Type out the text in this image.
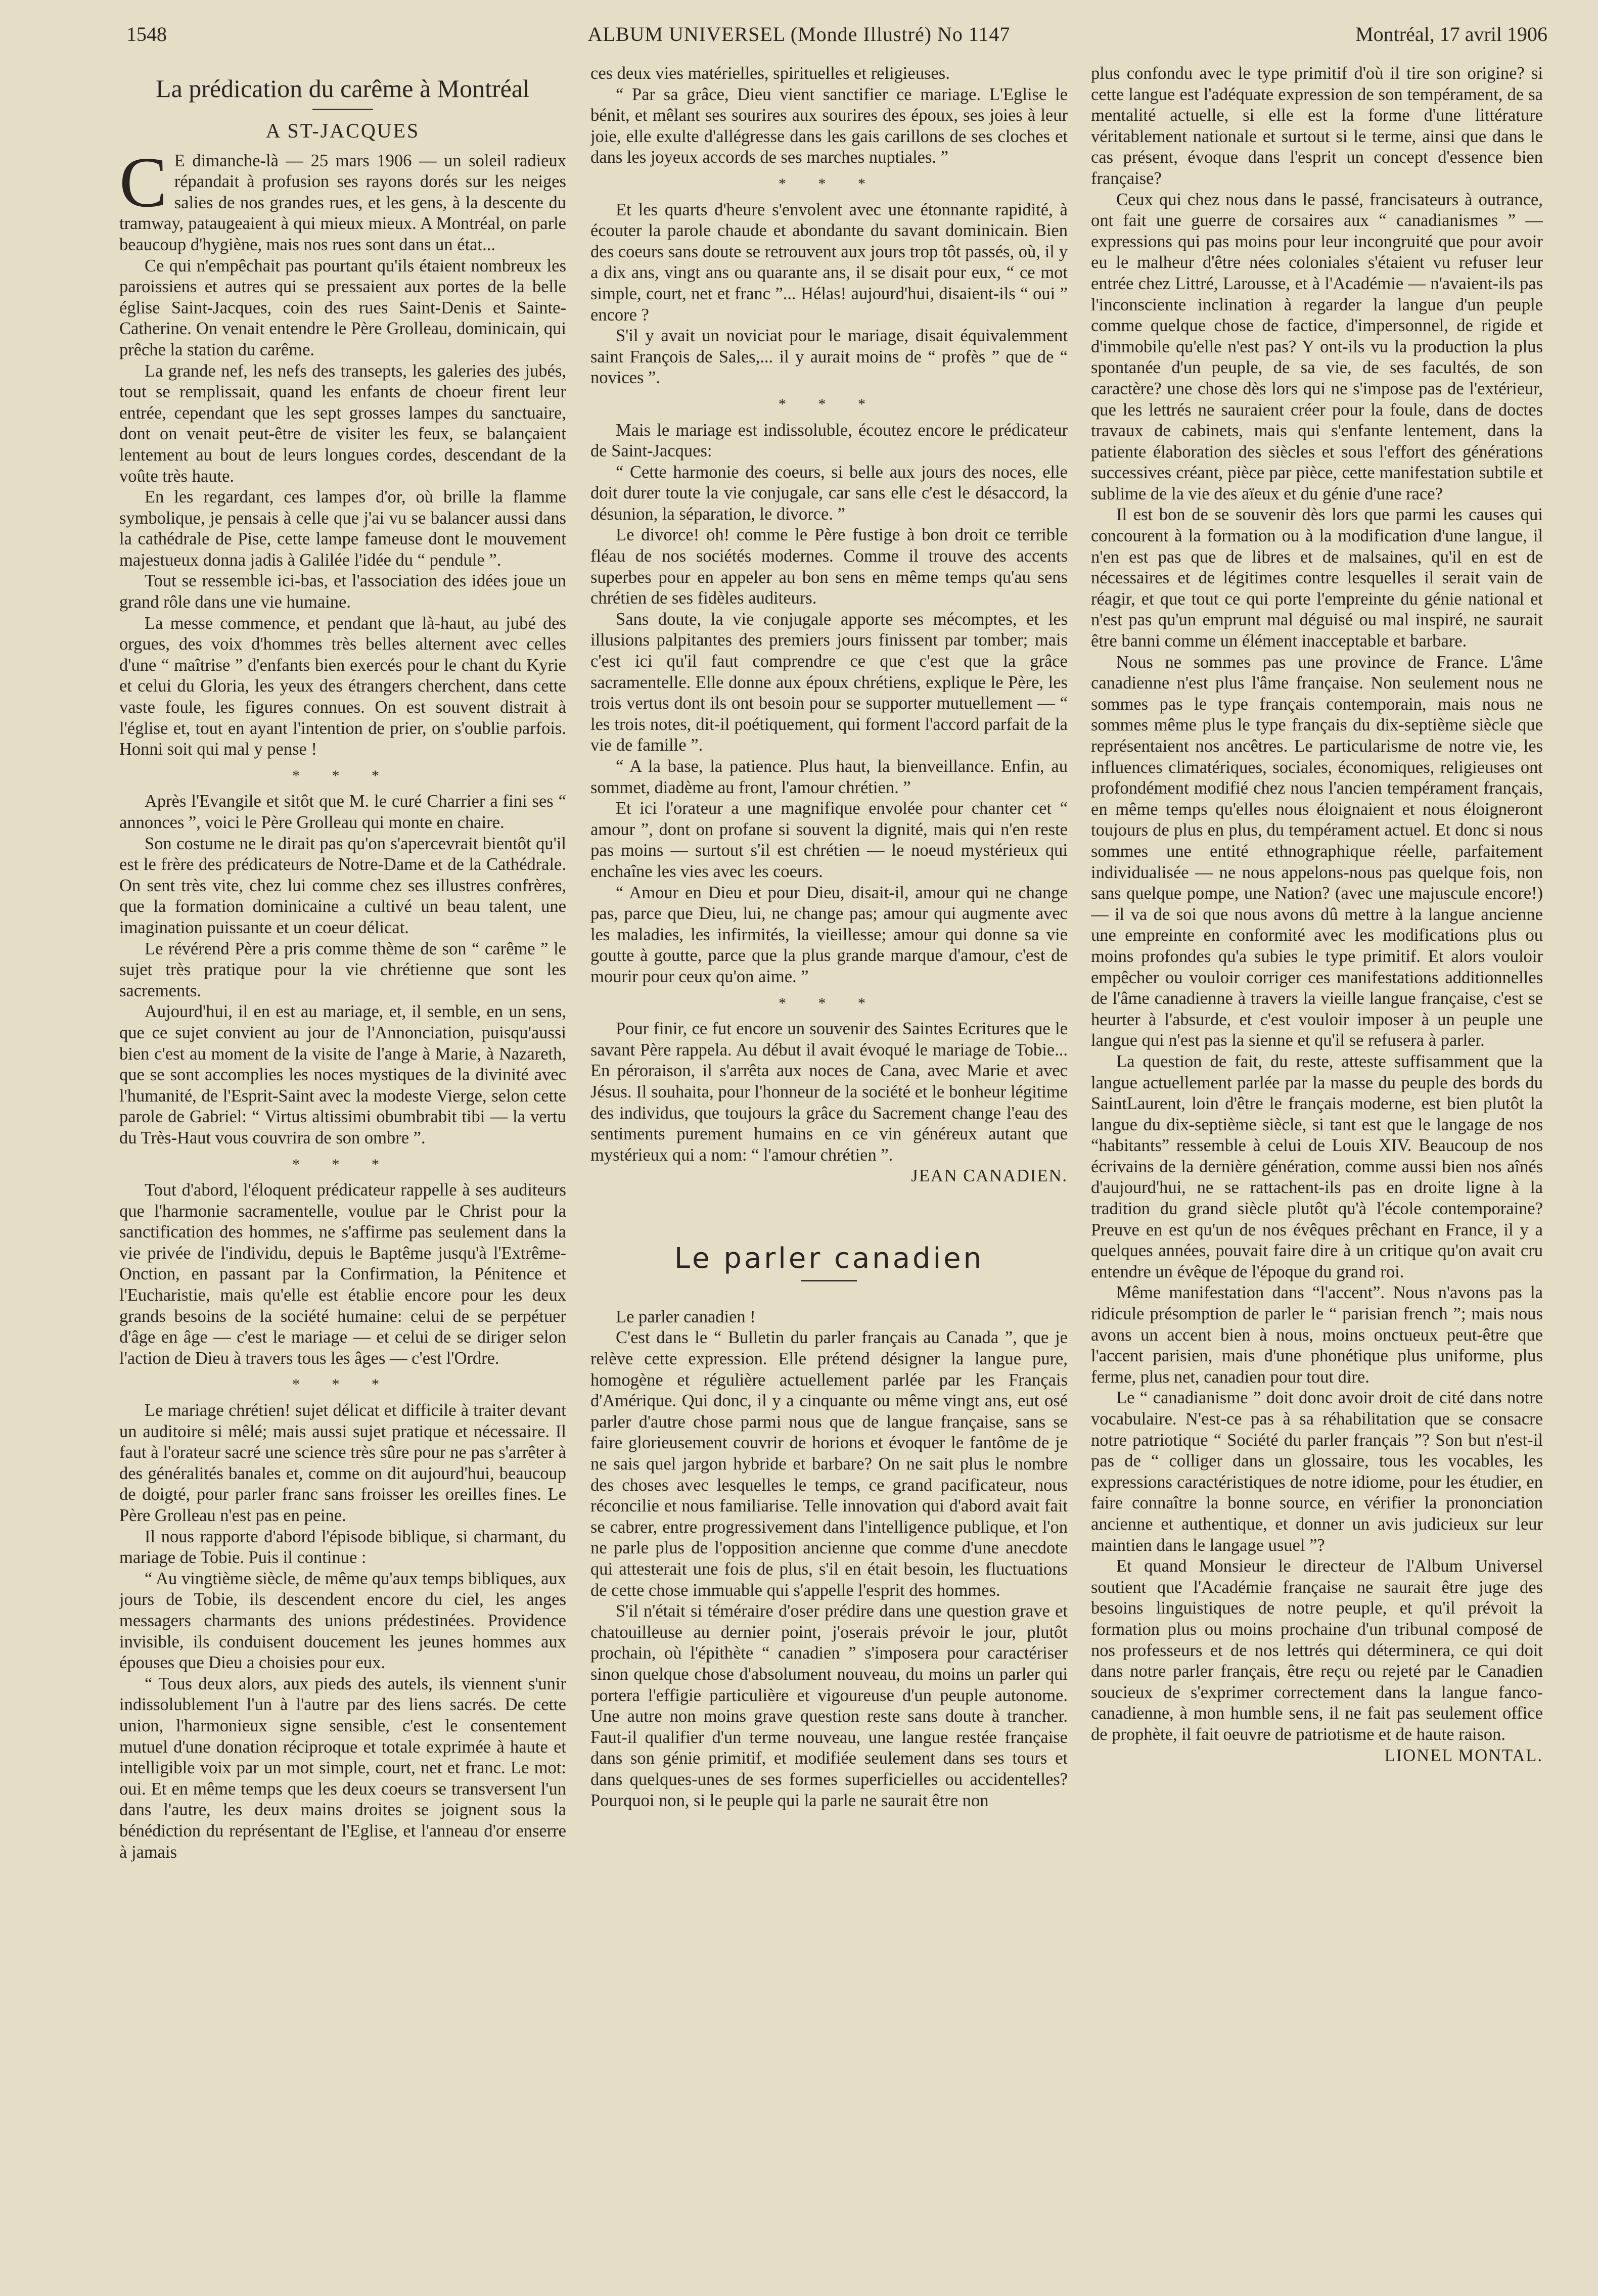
1548	ALBUM UNIVERSEL (Monde Illustré) No 1147	Montréal, 17 avril 1906
La prédication du carême à Montréal
A ST-JACQUES

C E dimanche-là — 25 mars 1906 — un soleil radieux répandait à profusion ses rayons dorés sur les neiges salies de nos grandes rues, et les gens, à la descente du tramway, pataugeaient à qui mieux mieux. A Montréal, on parle beaucoup d'hygiène, mais nos rues sont dans un état...

Ce qui n'empêchait pas pourtant qu'ils étaient nombreux les paroissiens et autres qui se pressaient aux portes de la belle église Saint-Jacques, coin des rues Saint-Denis et Sainte-Catherine. On venait entendre le Père Grolleau, dominicain, qui prêche la station du carême.

La grande nef, les nefs des transepts, les galeries des jubés, tout se remplissait, quand les enfants de choeur firent leur entrée, cependant que les sept grosses lampes du sanctuaire, dont on venait peut-être de visiter les feux, se balançaient lentement au bout de leurs longues cordes, descendant de la voûte très haute.

En les regardant, ces lampes d'or, où brille la flamme symbolique, je pensais à celle que j'ai vu se balancer aussi dans la cathédrale de Pise, cette lampe fameuse dont le mouvement majestueux donna jadis à Galilée l'idée du “ pendule ”.

Tout se ressemble ici-bas, et l'association des idées joue un grand rôle dans une vie humaine.

La messe commence, et pendant que là-haut, au jubé des orgues, des voix d'hommes très belles alternent avec celles d'une “ maîtrise ” d'enfants bien exercés pour le chant du Kyrie et celui du Gloria, les yeux des étrangers cherchent, dans cette vaste foule, les figures connues. On est souvent distrait à l'église et, tout en ayant l'intention de prier, on s'oublie parfois. Honni soit qui mal y pense !

* * *

Après l'Evangile et sitôt que M. le curé Charrier a fini ses “ annonces ”, voici le Père Grolleau qui monte en chaire.

Son costume ne le dirait pas qu'on s'apercevrait bientôt qu'il est le frère des prédicateurs de Notre-Dame et de la Cathédrale. On sent très vite, chez lui comme chez ses illustres confrères, que la formation dominicaine a cultivé un beau talent, une imagination puissante et un coeur délicat.

Le révérend Père a pris comme thème de son “ carême ” le sujet très pratique pour la vie chrétienne que sont les sacrements.

Aujourd'hui, il en est au mariage, et, il semble, en un sens, que ce sujet convient au jour de l'Annonciation, puisqu'aussi bien c'est au moment de la visite de l'ange à Marie, à Nazareth, que se sont accomplies les noces mystiques de la divinité avec l'humanité, de l'Esprit-Saint avec la modeste Vierge, selon cette parole de Gabriel: “ Virtus altissimi obumbrabit tibi — la vertu du Très-Haut vous couvrira de son ombre ”.

* * *

Tout d'abord, l'éloquent prédicateur rappelle à ses auditeurs que l'harmonie sacramentelle, voulue par le Christ pour la sanctification des hommes, ne s'affirme pas seulement dans la vie privée de l'individu, depuis le Baptême jusqu'à l'Extrême-Onction, en passant par la Confirmation, la Pénitence et l'Eucharistie, mais qu'elle est établie encore pour les deux grands besoins de la société humaine: celui de se perpétuer d'âge en âge — c'est le mariage — et celui de se diriger selon l'action de Dieu à travers tous les âges — c'est l'Ordre.

* * *

Le mariage chrétien! sujet délicat et difficile à traiter devant un auditoire si mêlé; mais aussi sujet pratique et nécessaire. Il faut à l'orateur sacré une science très sûre pour ne pas s'arrêter à des généralités banales et, comme on dit aujourd'hui, beaucoup de doigté, pour parler franc sans froisser les oreilles fines. Le Père Grolleau n'est pas en peine.

Il nous rapporte d'abord l'épisode biblique, si charmant, du mariage de Tobie. Puis il continue :

“ Au vingtième siècle, de même qu'aux temps bibliques, aux jours de Tobie, ils descendent encore du ciel, les anges messagers charmants des unions prédestinées. Providence invisible, ils conduisent doucement les jeunes hommes aux épouses que Dieu a choisies pour eux.

“ Tous deux alors, aux pieds des autels, ils viennent s'unir indissolublement l'un à l'autre par des liens sacrés. De cette union, l'harmonieux signe sensible, c'est le consentement mutuel d'une donation réciproque et totale exprimée à haute et intelligible voix par un mot simple, court, net et franc. Le mot: oui. Et en même temps que les deux coeurs se transversent l'un dans l'autre, les deux mains droites se joignent sous la bénédiction du représentant de l'Eglise, et l'anneau d'or enserre à jamais

ces deux vies matérielles, spirituelles et religieuses.

“ Par sa grâce, Dieu vient sanctifier ce mariage. L'Eglise le bénit, et mêlant ses sourires aux sourires des époux, ses joies à leur joie, elle exulte d'allégresse dans les gais carillons de ses cloches et dans les joyeux accords de ses marches nuptiales. ”

* * *

Et les quarts d'heure s'envolent avec une étonnante rapidité, à écouter la parole chaude et abondante du savant dominicain. Bien des coeurs sans doute se retrouvent aux jours trop tôt passés, où, il y a dix ans, vingt ans ou quarante ans, il se disait pour eux, “ ce mot simple, court, net et franc ”... Hélas! aujourd'hui, disaient-ils “ oui ” encore ?

S'il y avait un noviciat pour le mariage, disait équivalemment saint François de Sales,... il y aurait moins de “ profès ” que de “ novices ”.

* * *

Mais le mariage est indissoluble, écoutez encore le prédicateur de Saint-Jacques:

“ Cette harmonie des coeurs, si belle aux jours des noces, elle doit durer toute la vie conjugale, car sans elle c'est le désaccord, la désunion, la séparation, le divorce. ”

Le divorce! oh! comme le Père fustige à bon droit ce terrible fléau de nos sociétés modernes. Comme il trouve des accents superbes pour en appeler au bon sens en même temps qu'au sens chrétien de ses fidèles auditeurs.

Sans doute, la vie conjugale apporte ses mécomptes, et les illusions palpitantes des premiers jours finissent par tomber; mais c'est ici qu'il faut comprendre ce que c'est que la grâce sacramentelle. Elle donne aux époux chrétiens, explique le Père, les trois vertus dont ils ont besoin pour se supporter mutuellement — “ les trois notes, dit-il poétiquement, qui forment l'accord parfait de la vie de famille ”.

“ A la base, la patience. Plus haut, la bienveillance. Enfin, au sommet, diadème au front, l'amour chrétien. ”

Et ici l'orateur a une magnifique envolée pour chanter cet “ amour ”, dont on profane si souvent la dignité, mais qui n'en reste pas moins — surtout s'il est chrétien — le noeud mystérieux qui enchaîne les vies avec les coeurs.

“ Amour en Dieu et pour Dieu, disait-il, amour qui ne change pas, parce que Dieu, lui, ne change pas; amour qui augmente avec les maladies, les infirmités, la vieillesse; amour qui donne sa vie goutte à goutte, parce que la plus grande marque d'amour, c'est de mourir pour ceux qu'on aime. ”

* * *

Pour finir, ce fut encore un souvenir des Saintes Ecritures que le savant Père rappela. Au début il avait évoqué le mariage de Tobie... En péroraison, il s'arrêta aux noces de Cana, avec Marie et avec Jésus. Il souhaita, pour l'honneur de la société et le bonheur légitime des individus, que toujours la grâce du Sacrement change l'eau des sentiments purement humains en ce vin généreux autant que mystérieux qui a nom: “ l'amour chrétien ”.

JEAN CANADIEN.

Le parler canadien

Le parler canadien !

C'est dans le “ Bulletin du parler français au Canada ”, que je relève cette expression. Elle prétend désigner la langue pure, homogène et régulière actuellement parlée par les Français d'Amérique. Qui donc, il y a cinquante ou même vingt ans, eut osé parler d'autre chose parmi nous que de langue française, sans se faire glorieusement couvrir de horions et évoquer le fantôme de je ne sais quel jargon hybride et barbare? On ne sait plus le nombre des choses avec lesquelles le temps, ce grand pacificateur, nous réconcilie et nous familiarise. Telle innovation qui d'abord avait fait se cabrer, entre progressivement dans l'intelligence publique, et l'on ne parle plus de l'opposition ancienne que comme d'une anecdote qui attesterait une fois de plus, s'il en était besoin, les fluctuations de cette chose immuable qui s'appelle l'esprit des hommes.

S'il n'était si téméraire d'oser prédire dans une question grave et chatouilleuse au dernier point, j'oserais prévoir le jour, plutôt prochain, où l'épithète “ canadien ” s'imposera pour caractériser sinon quelque chose d'absolument nouveau, du moins un parler qui portera l'effigie particulière et vigoureuse d'un peuple autonome. Une autre non moins grave question reste sans doute à trancher. Faut-il qualifier d'un terme nouveau, une langue restée française dans son génie primitif, et modifiée seulement dans ses tours et dans quelques-unes de ses formes superficielles ou accidentelles? Pourquoi non, si le peuple qui la parle ne saurait être non

plus confondu avec le type primitif d'où il tire son origine? si cette langue est l'adéquate expression de son tempérament, de sa mentalité actuelle, si elle est la forme d'une littérature véritablement nationale et surtout si le terme, ainsi que dans le cas présent, évoque dans l'esprit un concept d'essence bien française?

Ceux qui chez nous dans le passé, francisateurs à outrance, ont fait une guerre de corsaires aux “ canadianismes ” — expressions qui pas moins pour leur incongruité que pour avoir eu le malheur d'être nées coloniales s'étaient vu refuser leur entrée chez Littré, Larousse, et à l'Académie — n'avaient-ils pas l'inconsciente inclination à regarder la langue d'un peuple comme quelque chose de factice, d'impersonnel, de rigide et d'immobile qu'elle n'est pas? Y ont-ils vu la production la plus spontanée d'un peuple, de sa vie, de ses facultés, de son caractère? une chose dès lors qui ne s'impose pas de l'extérieur, que les lettrés ne sauraient créer pour la foule, dans de doctes travaux de cabinets, mais qui s'enfante lentement, dans la patiente élaboration des siècles et sous l'effort des générations successives créant, pièce par pièce, cette manifestation subtile et sublime de la vie des aïeux et du génie d'une race?

Il est bon de se souvenir dès lors que parmi les causes qui concourent à la formation ou à la modification d'une langue, il n'en est pas que de libres et de malsaines, qu'il en est de nécessaires et de légitimes contre lesquelles il serait vain de réagir, et que tout ce qui porte l'empreinte du génie national et n'est pas qu'un emprunt mal déguisé ou mal inspiré, ne saurait être banni comme un élément inacceptable et barbare.

Nous ne sommes pas une province de France. L'âme canadienne n'est plus l'âme française. Non seulement nous ne sommes pas le type français contemporain, mais nous ne sommes même plus le type français du dix-septième siècle que représentaient nos ancêtres. Le particularisme de notre vie, les influences climatériques, sociales, économiques, religieuses ont profondément modifié chez nous l'ancien tempérament français, en même temps qu'elles nous éloignaient et nous éloigneront toujours de plus en plus, du tempérament actuel. Et donc si nous sommes une entité ethnographique réelle, parfaitement individualisée — ne nous appelons-nous pas quelque fois, non sans quelque pompe, une Nation? (avec une majuscule encore!) — il va de soi que nous avons dû mettre à la langue ancienne une empreinte en conformité avec les modifications plus ou moins profondes qu'a subies le type primitif. Et alors vouloir empêcher ou vouloir corriger ces manifestations additionnelles de l'âme canadienne à travers la vieille langue française, c'est se heurter à l'absurde, et c'est vouloir imposer à un peuple une langue qui n'est pas la sienne et qu'il se refusera à parler.

La question de fait, du reste, atteste suffisamment que la langue actuellement parlée par la masse du peuple des bords du SaintLaurent, loin d'être le français moderne, est bien plutôt la langue du dix-septième siècle, si tant est que le langage de nos “habitants” ressemble à celui de Louis XIV. Beaucoup de nos écrivains de la dernière génération, comme aussi bien nos aînés d'aujourd'hui, ne se rattachent-ils pas en droite ligne à la tradition du grand siècle plutôt qu'à l'école contemporaine? Preuve en est qu'un de nos évêques prêchant en France, il y a quelques années, pouvait faire dire à un critique qu'on avait cru entendre un évêque de l'époque du grand roi.

Même manifestation dans “l'accent”. Nous n'avons pas la ridicule présomption de parler le “ parisian french ”; mais nous avons un accent bien à nous, moins onctueux peut-être que l'accent parisien, mais d'une phonétique plus uniforme, plus ferme, plus net, canadien pour tout dire.

Le “ canadianisme ” doit donc avoir droit de cité dans notre vocabulaire. N'est-ce pas à sa réhabilitation que se consacre notre patriotique “ Société du parler français ”? Son but n'est-il pas de “ colliger dans un glossaire, tous les vocables, les expressions caractéristiques de notre idiome, pour les étudier, en faire connaître la bonne source, en vérifier la prononciation ancienne et authentique, et donner un avis judicieux sur leur maintien dans le langage usuel ”?

Et quand Monsieur le directeur de l'Album Universel soutient que l'Académie française ne saurait être juge des besoins linguistiques de notre peuple, et qu'il prévoit la formation plus ou moins prochaine d'un tribunal composé de nos professeurs et de nos lettrés qui déterminera, ce qui doit dans notre parler français, être reçu ou rejeté par le Canadien soucieux de s'exprimer correctement dans la langue fanco-canadienne, à mon humble sens, il ne fait pas seulement office de prophète, il fait oeuvre de patriotisme et de haute raison.

LIONEL MONTAL.
